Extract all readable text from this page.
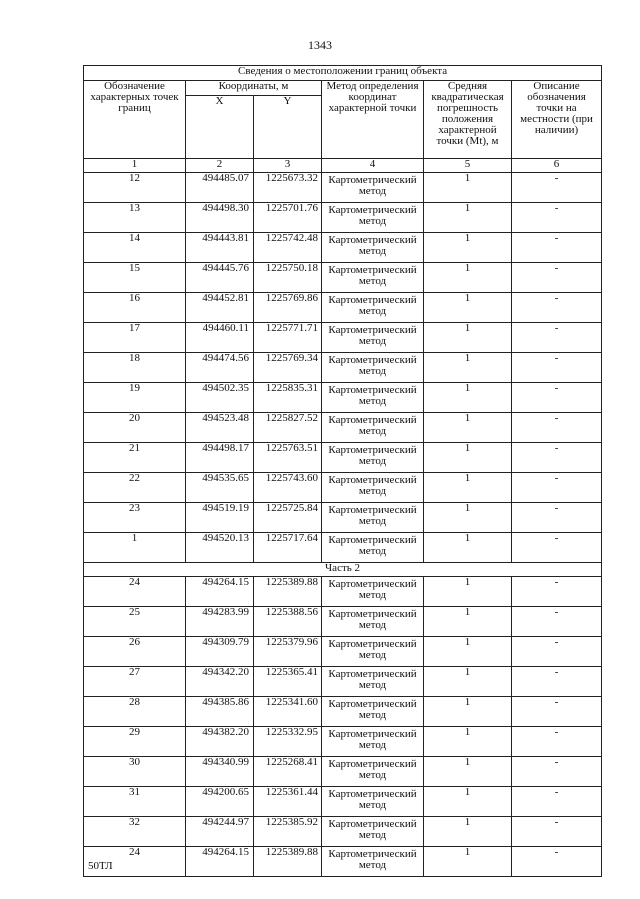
1343
Сведения о местоположении границ объекта					
Обозначение характерных точек границ	Координаты, м		Метод определения координат характерной точки	Средняя квадратическая погрешность положения характерной точки (Mt), м	Описание обозначения точки на местности (при наличии)
	X	Y			
1	2	3	4	5	6
12	494485.07	1225673.32	Картометрический метод	1	-
13	494498.30	1225701.76	Картометрический метод	1	-
14	494443.81	1225742.48	Картометрический метод	1	-
15	494445.76	1225750.18	Картометрический метод	1	-
16	494452.81	1225769.86	Картометрический метод	1	-
17	494460.11	1225771.71	Картометрический метод	1	-
18	494474.56	1225769.34	Картометрический метод	1	-
19	494502.35	1225835.31	Картометрический метод	1	-
20	494523.48	1225827.52	Картометрический метод	1	-
21	494498.17	1225763.51	Картометрический метод	1	-
22	494535.65	1225743.60	Картометрический метод	1	-
23	494519.19	1225725.84	Картометрический метод	1	-
1	494520.13	1225717.64	Картометрический метод	1	-
Часть 2					
24	494264.15	1225389.88	Картометрический метод	1	-
25	494283.99	1225388.56	Картометрический метод	1	-
26	494309.79	1225379.96	Картометрический метод	1	-
27	494342.20	1225365.41	Картометрический метод	1	-
28	494385.86	1225341.60	Картометрический метод	1	-
29	494382.20	1225332.95	Картометрический метод	1	-
30	494340.99	1225268.41	Картометрический метод	1	-
31	494200.65	1225361.44	Картометрический метод	1	-
32	494244.97	1225385.92	Картометрический метод	1	-
24	494264.15	1225389.88	Картометрический метод	1	-
50ТЛ
